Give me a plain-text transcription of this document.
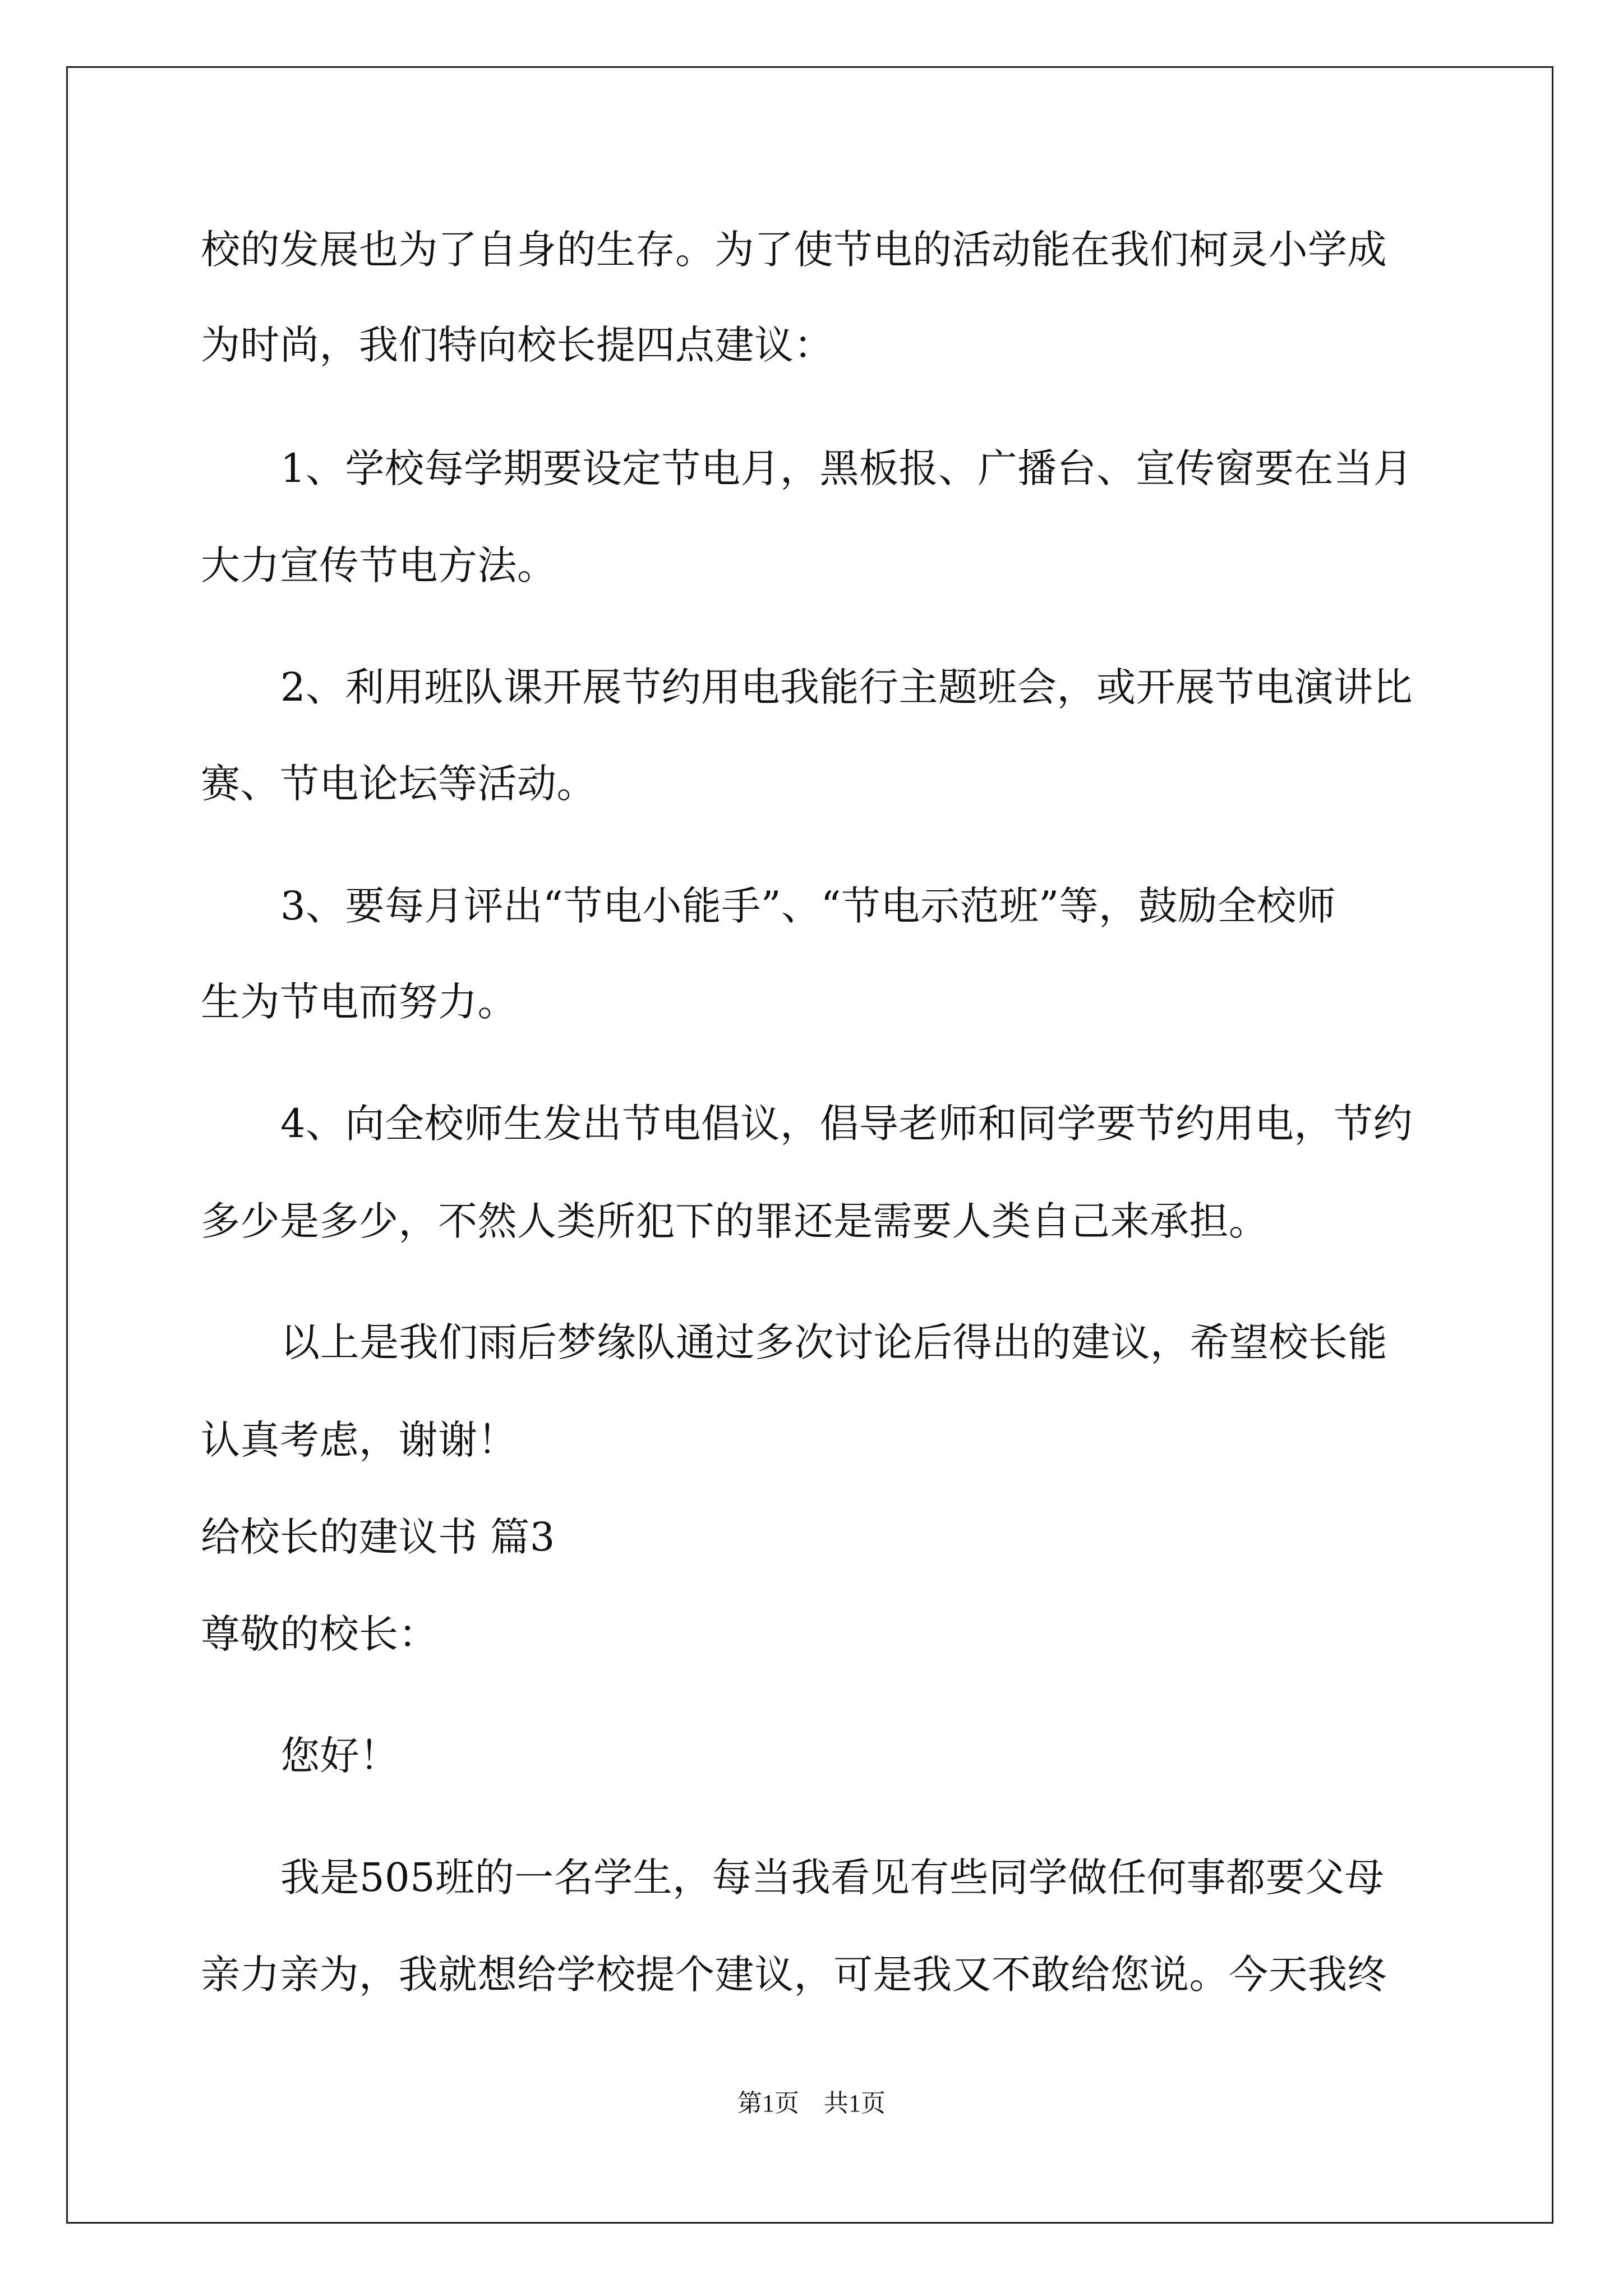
校的发展也为了自身的生存。为了使节电的活动能在我们柯灵小学成
为时尚，我们特向校长提四点建议：
1、学校每学期要设定节电月，黑板报、广播台、宣传窗要在当月
大力宣传节电方法。
2、利用班队课开展节约用电我能行主题班会，或开展节电演讲比
赛、节电论坛等活动。
3、要每月评出“节电小能手”、“节电示范班”等，鼓励全校师
生为节电而努力。
4、向全校师生发出节电倡议，倡导老师和同学要节约用电，节约
多少是多少，不然人类所犯下的罪还是需要人类自己来承担。
以上是我们雨后梦缘队通过多次讨论后得出的建议，希望校长能
认真考虑，谢谢！
给校长的建议书 篇3
尊敬的校长：
您好！
我是505班的一名学生，每当我看见有些同学做任何事都要父母
亲力亲为，我就想给学校提个建议，可是我又不敢给您说。今天我终
第1页　共1页
